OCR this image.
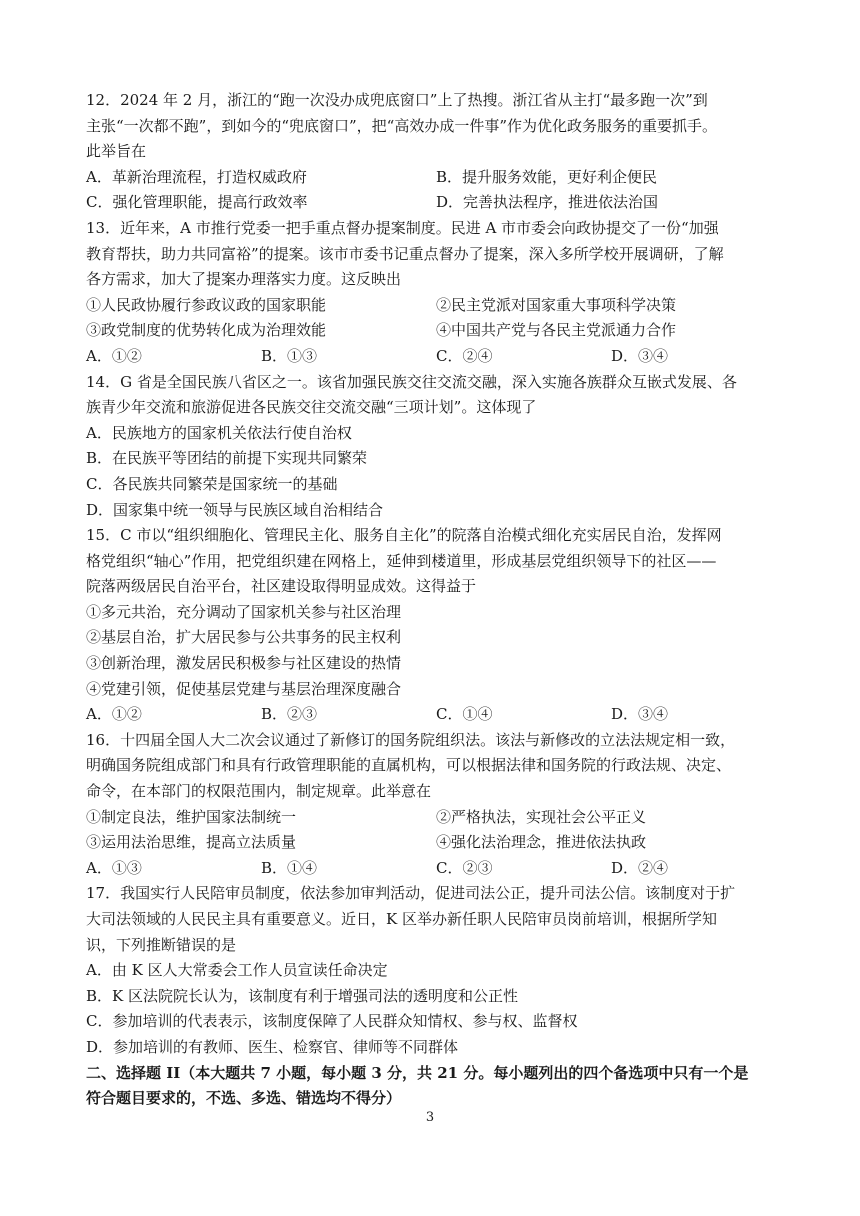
12．2024 年 2 月，浙江的“跑一次没办成兜底窗口”上了热搜。浙江省从主打“最多跑一次”到
主张“一次都不跑”，到如今的“兜底窗口”，把“高效办成一件事”作为优化政务服务的重要抓手。
此举旨在
A．革新治理流程，打造权威政府	B．提升服务效能，更好利企便民
C．强化管理职能，提高行政效率	D．完善执法程序，推进依法治国
13．近年来，A 市推行党委一把手重点督办提案制度。民进 A 市市委会向政协提交了一份“加强
教育帮扶，助力共同富裕”的提案。该市市委书记重点督办了提案，深入多所学校开展调研，了解
各方需求，加大了提案办理落实力度。这反映出
①人民政协履行参政议政的国家职能	②民主党派对国家重大事项科学决策
③政党制度的优势转化成为治理效能	④中国共产党与各民主党派通力合作
A．①②	B．①③	C．②④	D．③④
14．G 省是全国民族八省区之一。该省加强民族交往交流交融，深入实施各族群众互嵌式发展、各
族青少年交流和旅游促进各民族交往交流交融“三项计划”。这体现了
A．民族地方的国家机关依法行使自治权
B．在民族平等团结的前提下实现共同繁荣
C．各民族共同繁荣是国家统一的基础
D．国家集中统一领导与民族区域自治相结合
15．C 市以“组织细胞化、管理民主化、服务自主化”的院落自治模式细化充实居民自治，发挥网
格党组织“轴心”作用，把党组织建在网格上，延伸到楼道里，形成基层党组织领导下的社区——
院落两级居民自治平台，社区建设取得明显成效。这得益于
①多元共治，充分调动了国家机关参与社区治理
②基层自治，扩大居民参与公共事务的民主权利
③创新治理，激发居民积极参与社区建设的热情
④党建引领，促使基层党建与基层治理深度融合
A．①②	B．②③	C．①④	D．③④
16．十四届全国人大二次会议通过了新修订的国务院组织法。该法与新修改的立法法规定相一致，
明确国务院组成部门和具有行政管理职能的直属机构，可以根据法律和国务院的行政法规、决定、
命令，在本部门的权限范围内，制定规章。此举意在
①制定良法，维护国家法制统一	②严格执法，实现社会公平正义
③运用法治思维，提高立法质量	④强化法治理念，推进依法执政
A．①③	B．①④	C．②③	D．②④
17．我国实行人民陪审员制度，依法参加审判活动，促进司法公正，提升司法公信。该制度对于扩
大司法领域的人民民主具有重要意义。近日，K 区举办新任职人民陪审员岗前培训，根据所学知
识，下列推断错误的是
A．由 K 区人大常委会工作人员宣读任命决定
B．K 区法院院长认为，该制度有利于增强司法的透明度和公正性
C．参加培训的代表表示，该制度保障了人民群众知情权、参与权、监督权
D．参加培训的有教师、医生、检察官、律师等不同群体
二、选择题 II（本大题共 7 小题，每小题 3 分，共 21 分。每小题列出的四个备选项中只有一个是
符合题目要求的，不选、多选、错选均不得分）
3
